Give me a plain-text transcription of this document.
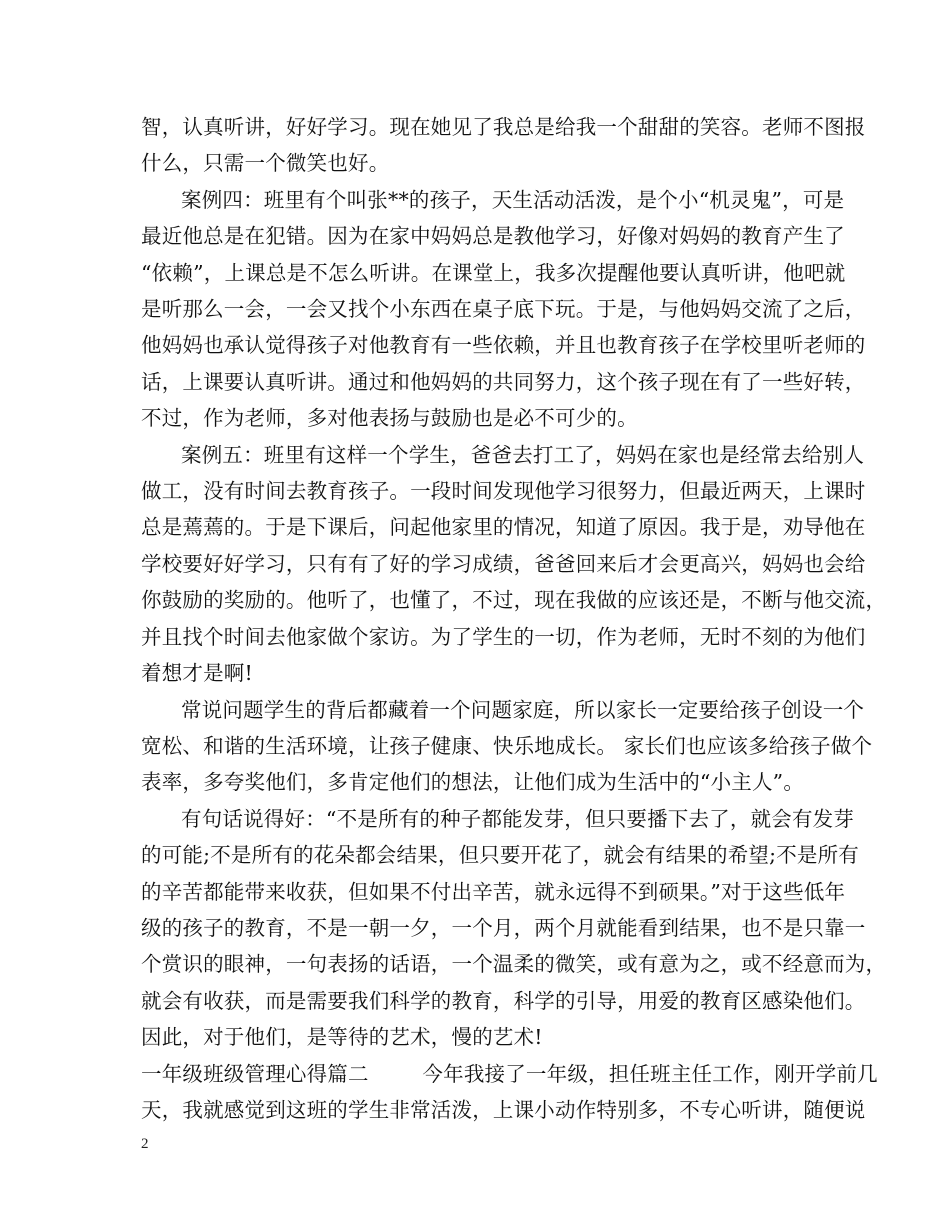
智，认真听讲，好好学习。现在她见了我总是给我一个甜甜的笑容。老师不图报
什么，只需一个微笑也好。
案例四：班里有个叫张**的孩子，天生活动活泼，是个小“机灵鬼”，可是
最近他总是在犯错。因为在家中妈妈总是教他学习，好像对妈妈的教育产生了
“依赖”，上课总是不怎么听讲。在课堂上，我多次提醒他要认真听讲，他吧就
是听那么一会，一会又找个小东西在桌子底下玩。于是，与他妈妈交流了之后，
他妈妈也承认觉得孩子对他教育有一些依赖，并且也教育孩子在学校里听老师的
话，上课要认真听讲。通过和他妈妈的共同努力，这个孩子现在有了一些好转，
不过，作为老师，多对他表扬与鼓励也是必不可少的。
案例五：班里有这样一个学生，爸爸去打工了，妈妈在家也是经常去给别人
做工，没有时间去教育孩子。一段时间发现他学习很努力，但最近两天，上课时
总是蔫蔫的。于是下课后，问起他家里的情况，知道了原因。我于是，劝导他在
学校要好好学习，只有有了好的学习成绩，爸爸回来后才会更高兴，妈妈也会给
你鼓励的奖励的。他听了，也懂了，不过，现在我做的应该还是，不断与他交流，
并且找个时间去他家做个家访。为了学生的一切，作为老师，无时不刻的为他们
着想才是啊!
常说问题学生的背后都藏着一个问题家庭，所以家长一定要给孩子创设一个
宽松、和谐的生活环境，让孩子健康、快乐地成长。 家长们也应该多给孩子做个
表率，多夸奖他们，多肯定他们的想法，让他们成为生活中的“小主人”。
有句话说得好：“不是所有的种子都能发芽，但只要播下去了，就会有发芽
的可能;不是所有的花朵都会结果，但只要开花了，就会有结果的希望;不是所有
的辛苦都能带来收获，但如果不付出辛苦，就永远得不到硕果。”对于这些低年
级的孩子的教育，不是一朝一夕，一个月，两个月就能看到结果，也不是只靠一
个赏识的眼神，一句表扬的话语，一个温柔的微笑，或有意为之，或不经意而为，
就会有收获，而是需要我们科学的教育，科学的引导，用爱的教育区感染他们。
因此，对于他们，是等待的艺术，慢的艺术!
一年级班级管理心得篇二        今年我接了一年级，担任班主任工作，刚开学前几
天，我就感觉到这班的学生非常活泼，上课小动作特别多，不专心听讲，随便说
2
